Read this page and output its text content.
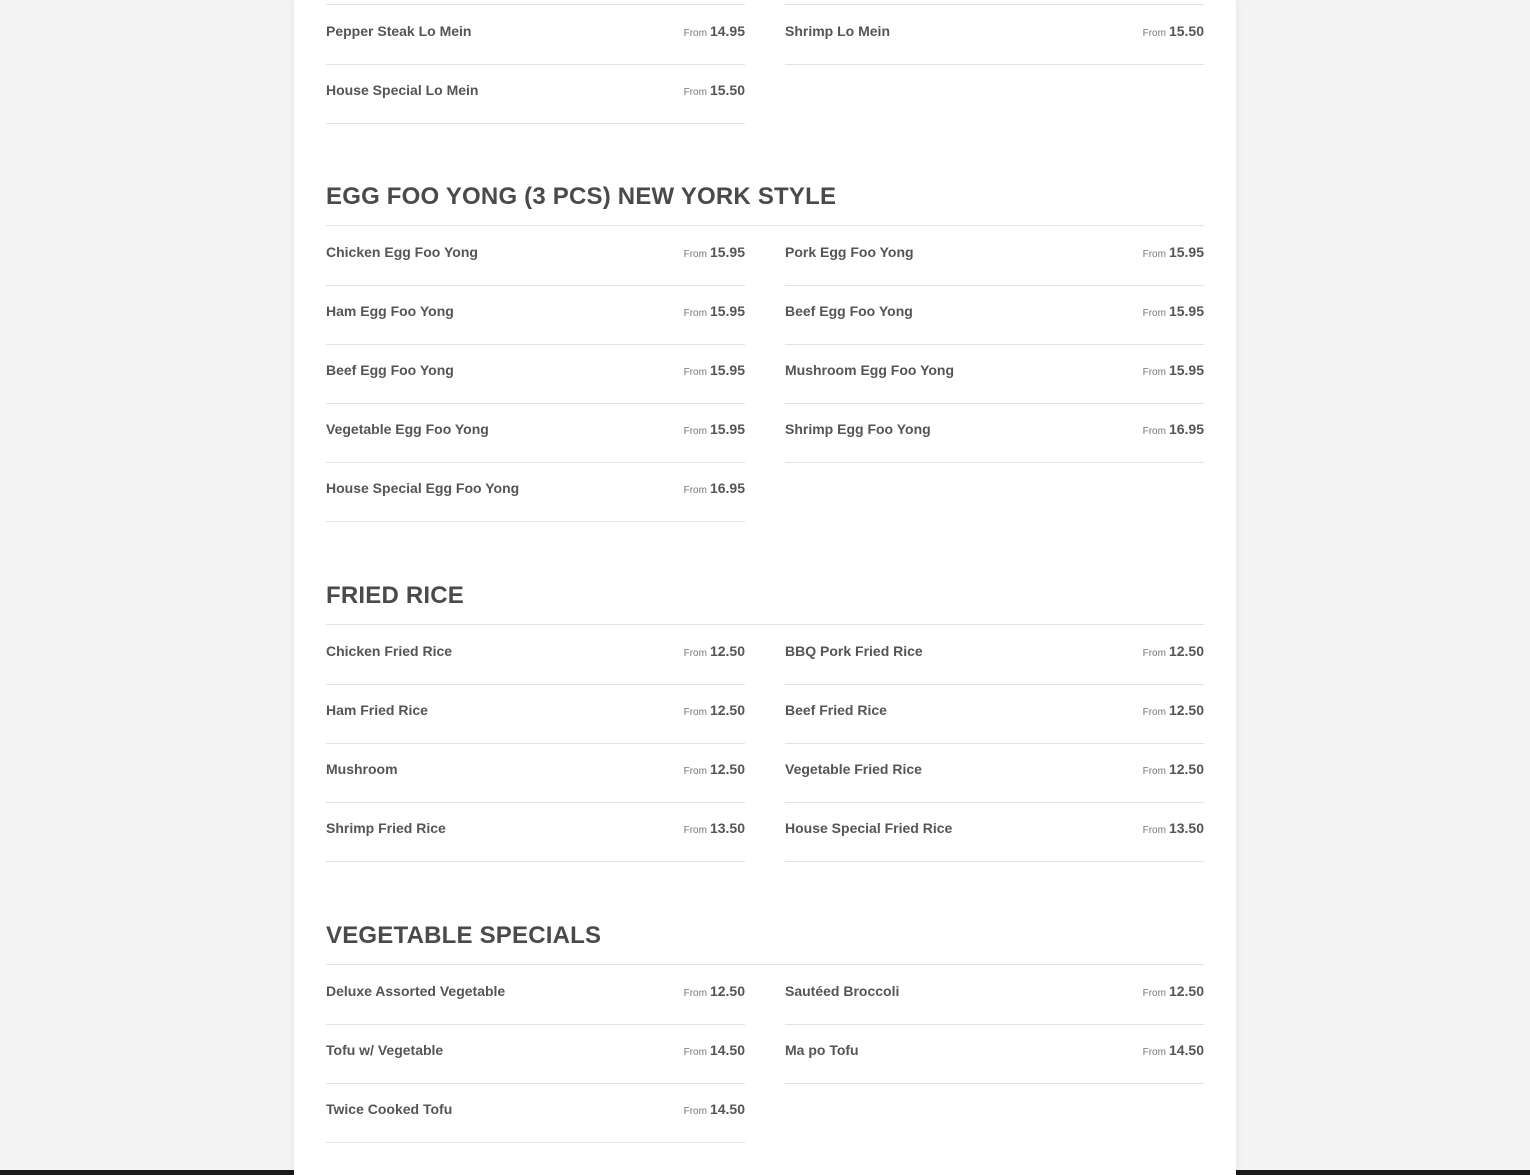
Pepper Steak Lo Mein	From 14.95
House Special Lo Mein	From 15.50
Shrimp Lo Mein	From 15.50
EGG FOO YONG (3 PCS) NEW YORK STYLE
Chicken Egg Foo Yong	From 15.95
Ham Egg Foo Yong	From 15.95
Beef Egg Foo Yong	From 15.95
Vegetable Egg Foo Yong	From 15.95
House Special Egg Foo Yong	From 16.95
Pork Egg Foo Yong	From 15.95
Beef Egg Foo Yong	From 15.95
Mushroom Egg Foo Yong	From 15.95
Shrimp Egg Foo Yong	From 16.95
FRIED RICE
Chicken Fried Rice	From 12.50
Ham Fried Rice	From 12.50
Mushroom	From 12.50
Shrimp Fried Rice	From 13.50
BBQ Pork Fried Rice	From 12.50
Beef Fried Rice	From 12.50
Vegetable Fried Rice	From 12.50
House Special Fried Rice	From 13.50
VEGETABLE SPECIALS
Deluxe Assorted Vegetable	From 12.50
Tofu w/ Vegetable	From 14.50
Twice Cooked Tofu	From 14.50
Sautéed Broccoli	From 12.50
Ma po Tofu	From 14.50
